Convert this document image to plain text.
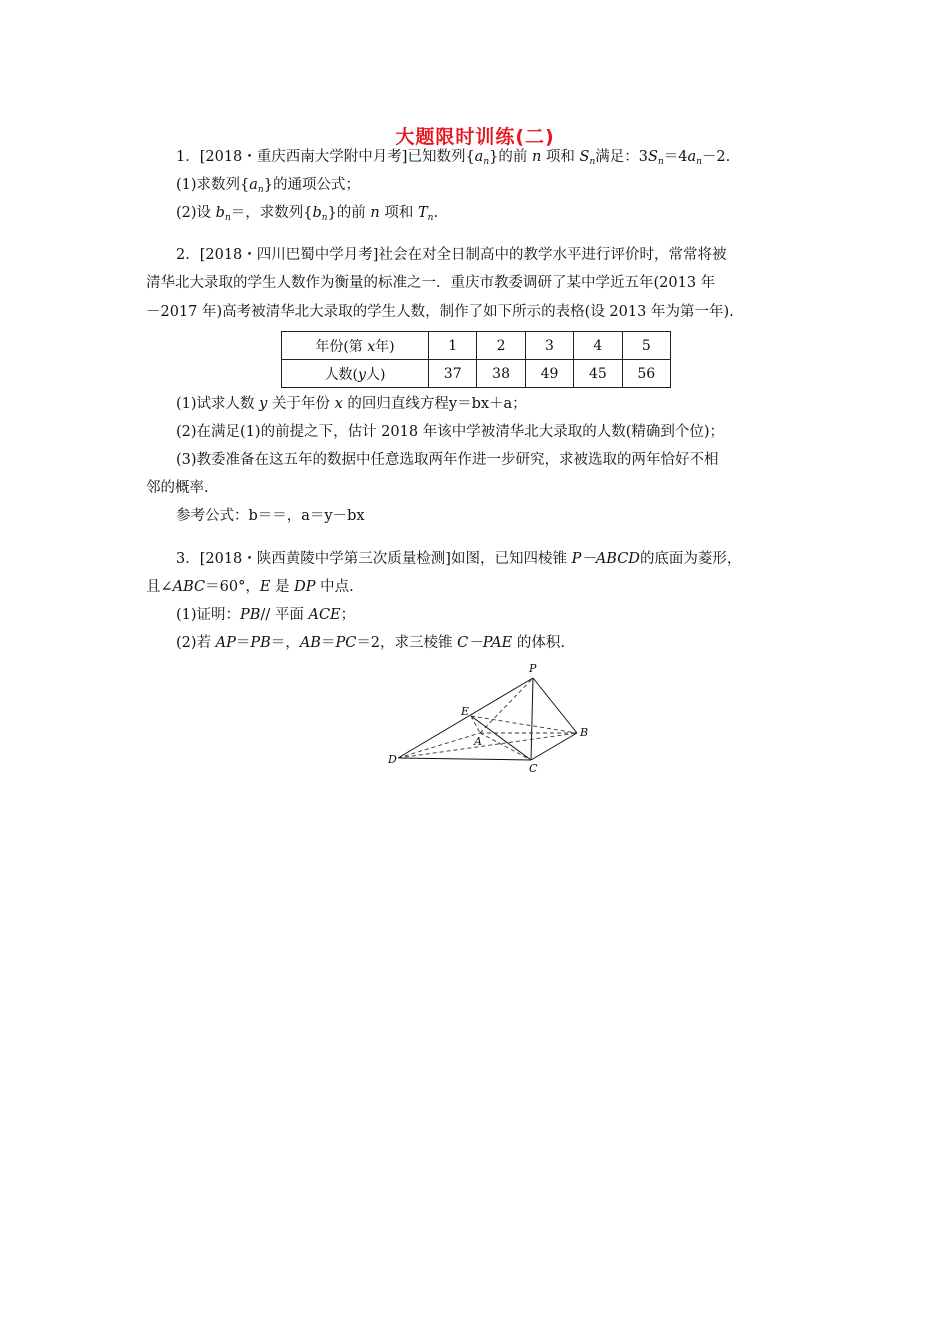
大题限时训练(二)
1．[2018・重庆西南大学附中月考]已知数列$\{a_n\}$的前 n 项和 $S_n$满足：$3S_n=4a_n-2$.
(1)求数列$\{a_n\}$的通项公式；
(2)设 $b_n=$，求数列$\{b_n\}$的前 n 项和 $T_n$.
2．[2018・四川巴蜀中学月考]社会在对全日制高中的教学水平进行评价时，常常将被
清华北大录取的学生人数作为衡量的标准之一．重庆市教委调研了某中学近五年(2013 年
－2017 年)高考被清华北大录取的学生人数，制作了如下所示的表格(设 2013 年为第一年).
年份(第 x年)	1	2	3	4	5
人数(y人)	37	38	49	45	56
(1)试求人数 y 关于年份 x 的回归直线方程y＝bx＋a；
(2)在满足(1)的前提之下，估计 2018 年该中学被清华北大录取的人数(精确到个位)；
(3)教委准备在这五年的数据中任意选取两年作进一步研究，求被选取的两年恰好不相
邻的概率.
参考公式：b＝＝，a＝y－bx
3．[2018・陕西黄陵中学第三次质量检测]如图，已知四棱锥 P－ABCD的底面为菱形，
且∠ABC＝60°，E 是 DP 中点.
(1)证明：PB// 平面 ACE；
(2)若 AP＝PB＝，AB＝PC＝2，求三棱锥 C－PAE 的体积.
P
E
A
B
D
C
